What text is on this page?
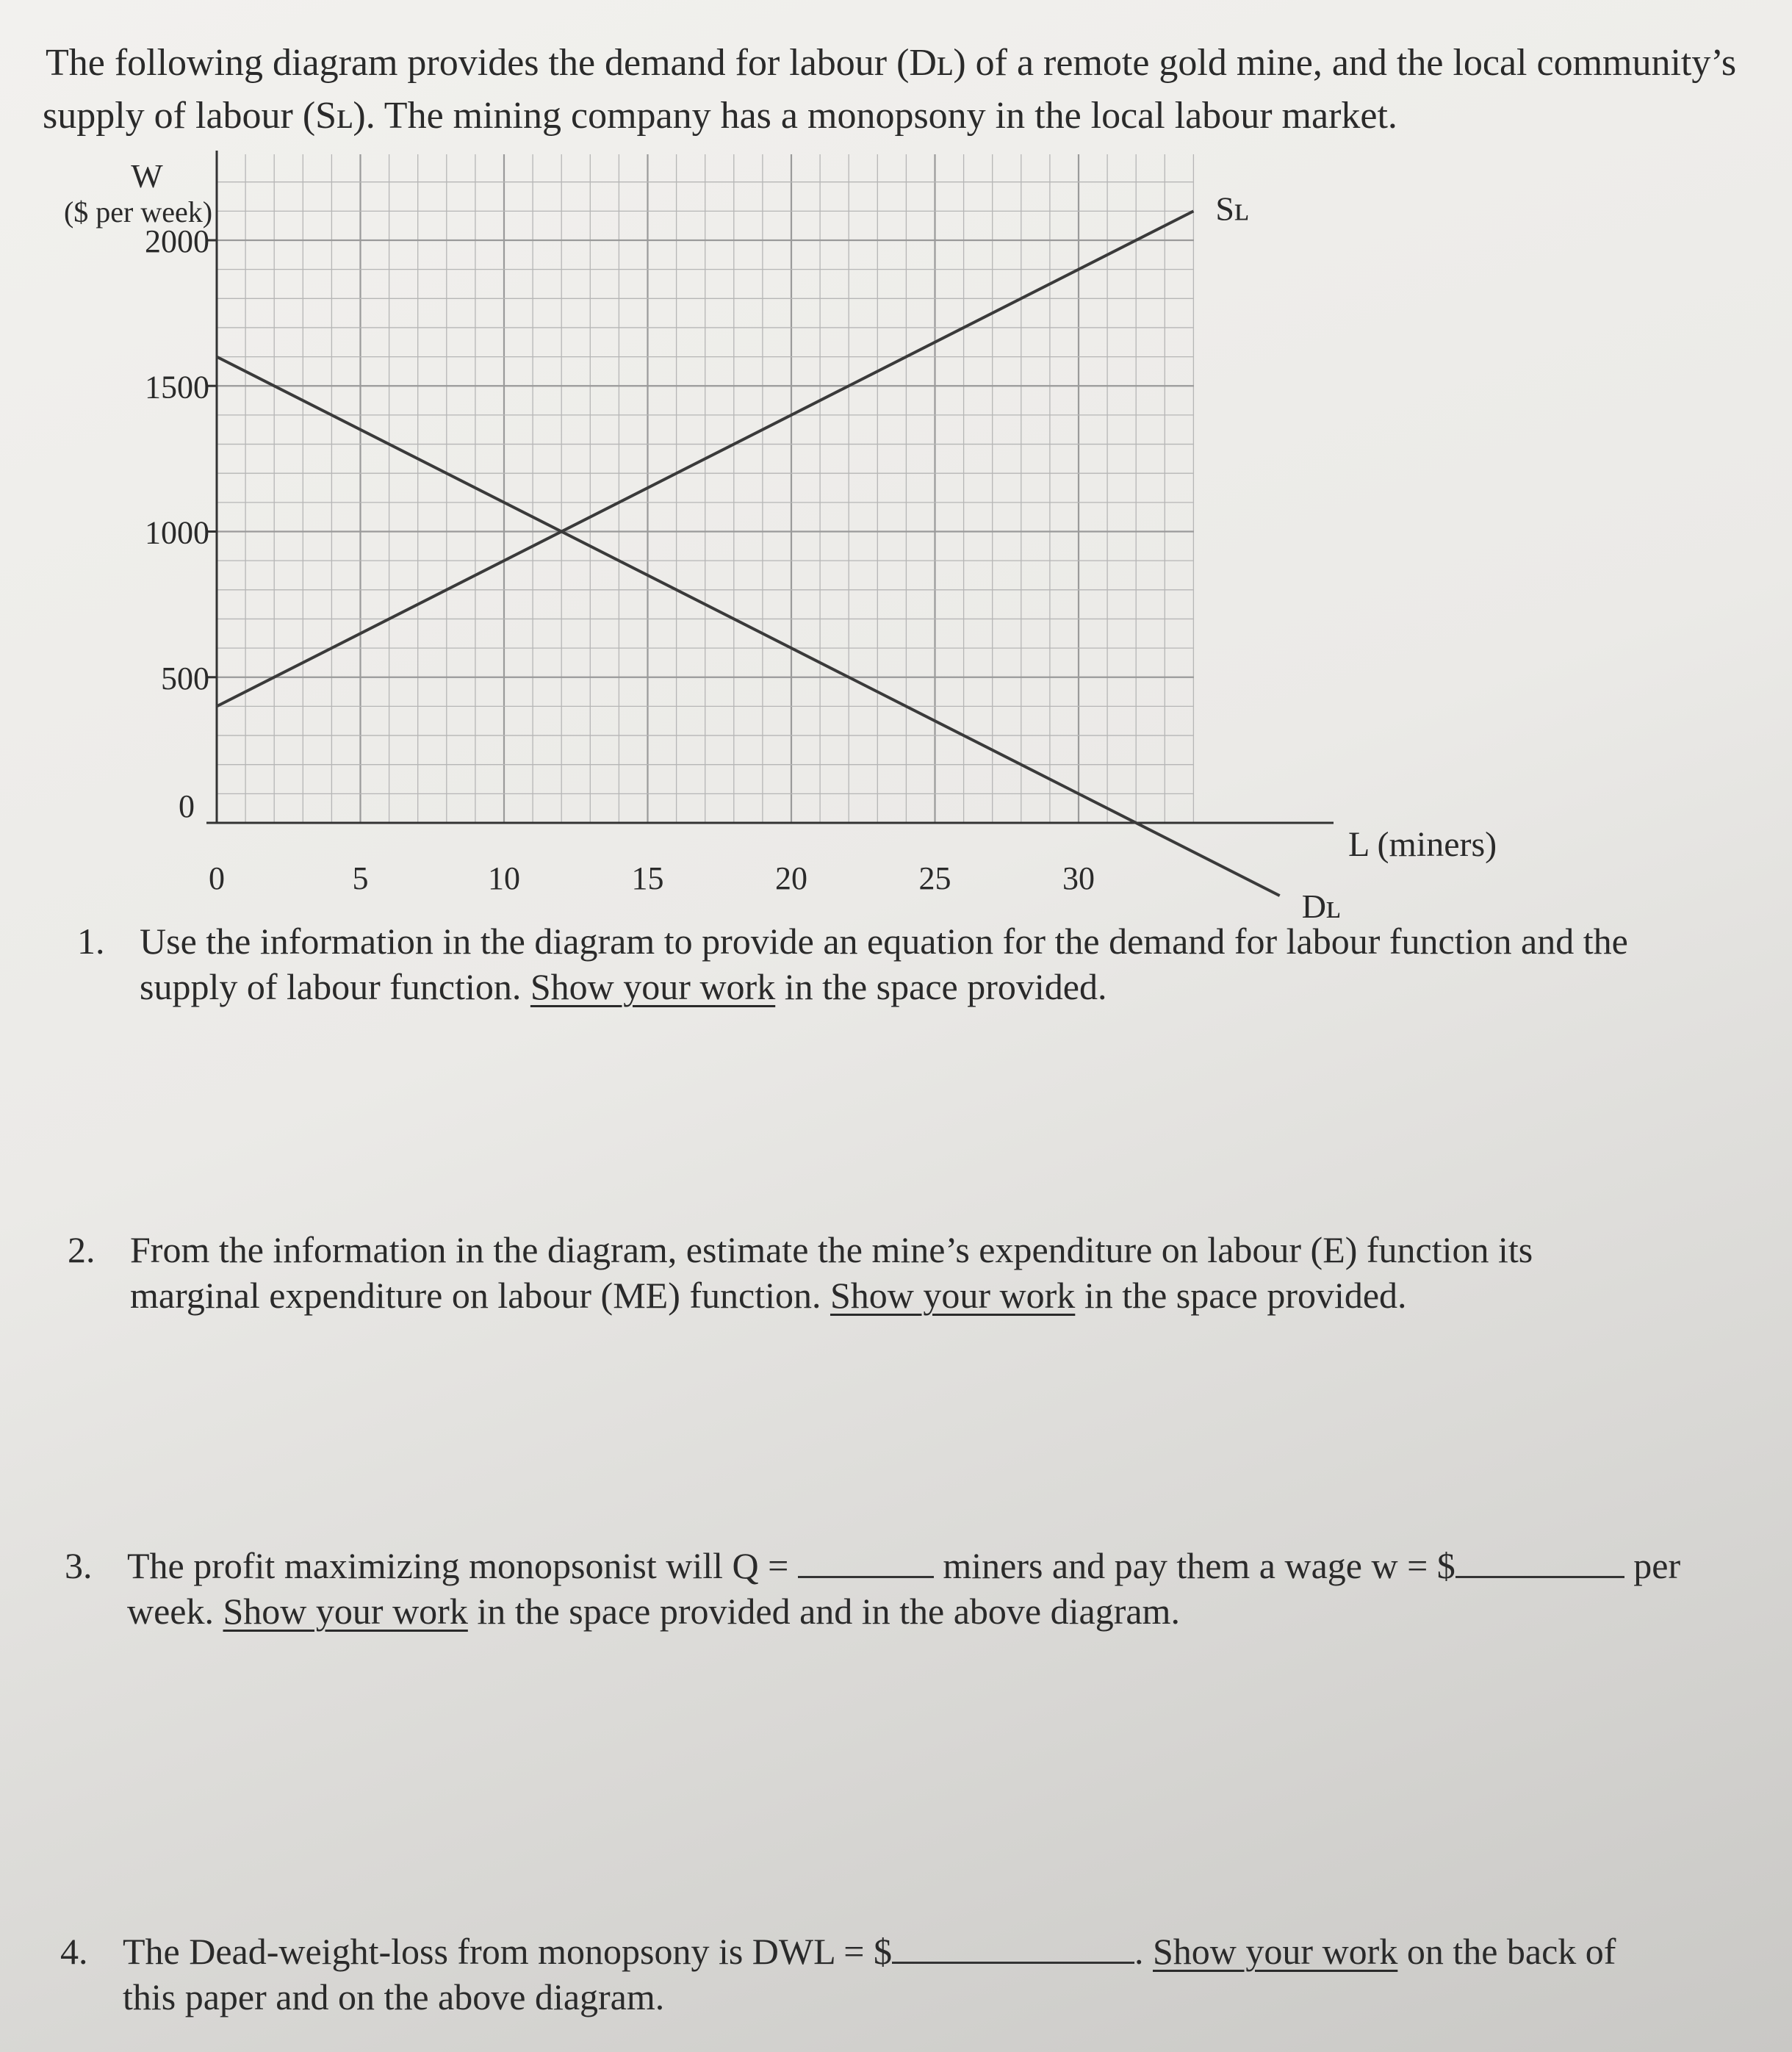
The following diagram provides the demand for labour (Dʟ) of a remote gold mine, and the local community’s
supply of labour (Sʟ). The mining company has a monopsony in the local labour market.
0
500
1000
1500
2000
0	5	10	15	20	25	30
Sʟ
Dʟ
W
($ per week)
L (miners)
1. Use the information in the diagram to provide an equation for the demand for labour function and the
supply of labour function. Show your work in the space provided.
2. From the information in the diagram, estimate the mine’s expenditure on labour (E) function its
marginal expenditure on labour (ME) function. Show your work in the space provided.
3. The profit maximizing monopsonist will Q =	miners and pay them a wage w = $	per
week. Show your work in the space provided and in the above diagram.
4. The Dead-weight-loss from monopsony is DWL = $	. Show your work on the back of
this paper and on the above diagram.
